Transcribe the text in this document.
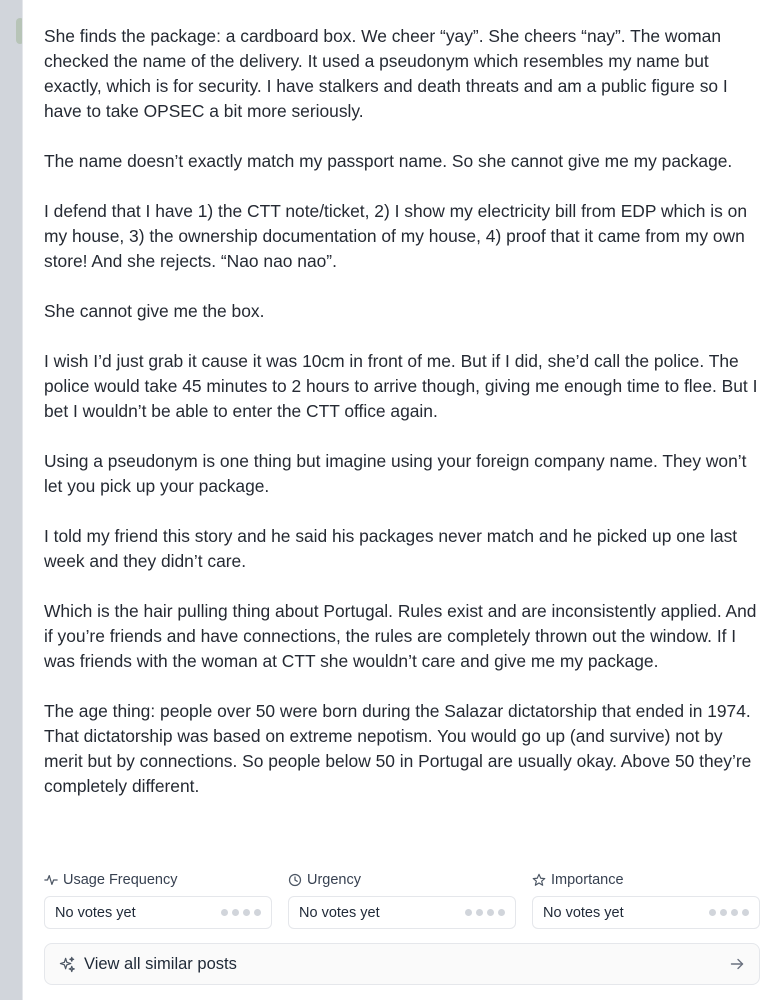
She finds the package: a cardboard box. We cheer “yay”. She cheers “nay”. The woman checked the name of the delivery. It used a pseudonym which resembles my name but exactly, which is for security. I have stalkers and death threats and am a public figure so I have to take OPSEC a bit more seriously.

The name doesn’t exactly match my passport name. So she cannot give me my package.

I defend that I have 1) the CTT note/ticket, 2) I show my electricity bill from EDP which is on my house, 3) the ownership documentation of my house, 4) proof that it came from my own store! And she rejects. “Nao nao nao”.

She cannot give me the box.

I wish I’d just grab it cause it was 10cm in front of me. But if I did, she’d call the police. The police would take 45 minutes to 2 hours to arrive though, giving me enough time to flee. But I bet I wouldn’t be able to enter the CTT office again.

Using a pseudonym is one thing but imagine using your foreign company name. They won’t let you pick up your package.

I told my friend this story and he said his packages never match and he picked up one last week and they didn’t care.

Which is the hair pulling thing about Portugal. Rules exist and are inconsistently applied. And if you’re friends and have connections, the rules are completely thrown out the window. If I was friends with the woman at CTT she wouldn’t care and give me my package.

The age thing: people over 50 were born during the Salazar dictatorship that ended in 1974. That dictatorship was based on extreme nepotism. You would go up (and survive) not by merit but by connections. So people below 50 in Portugal are usually okay. Above 50 they’re completely different.

Usage Frequency
No votes yet
Urgency
No votes yet
Importance
No votes yet
View all similar posts
